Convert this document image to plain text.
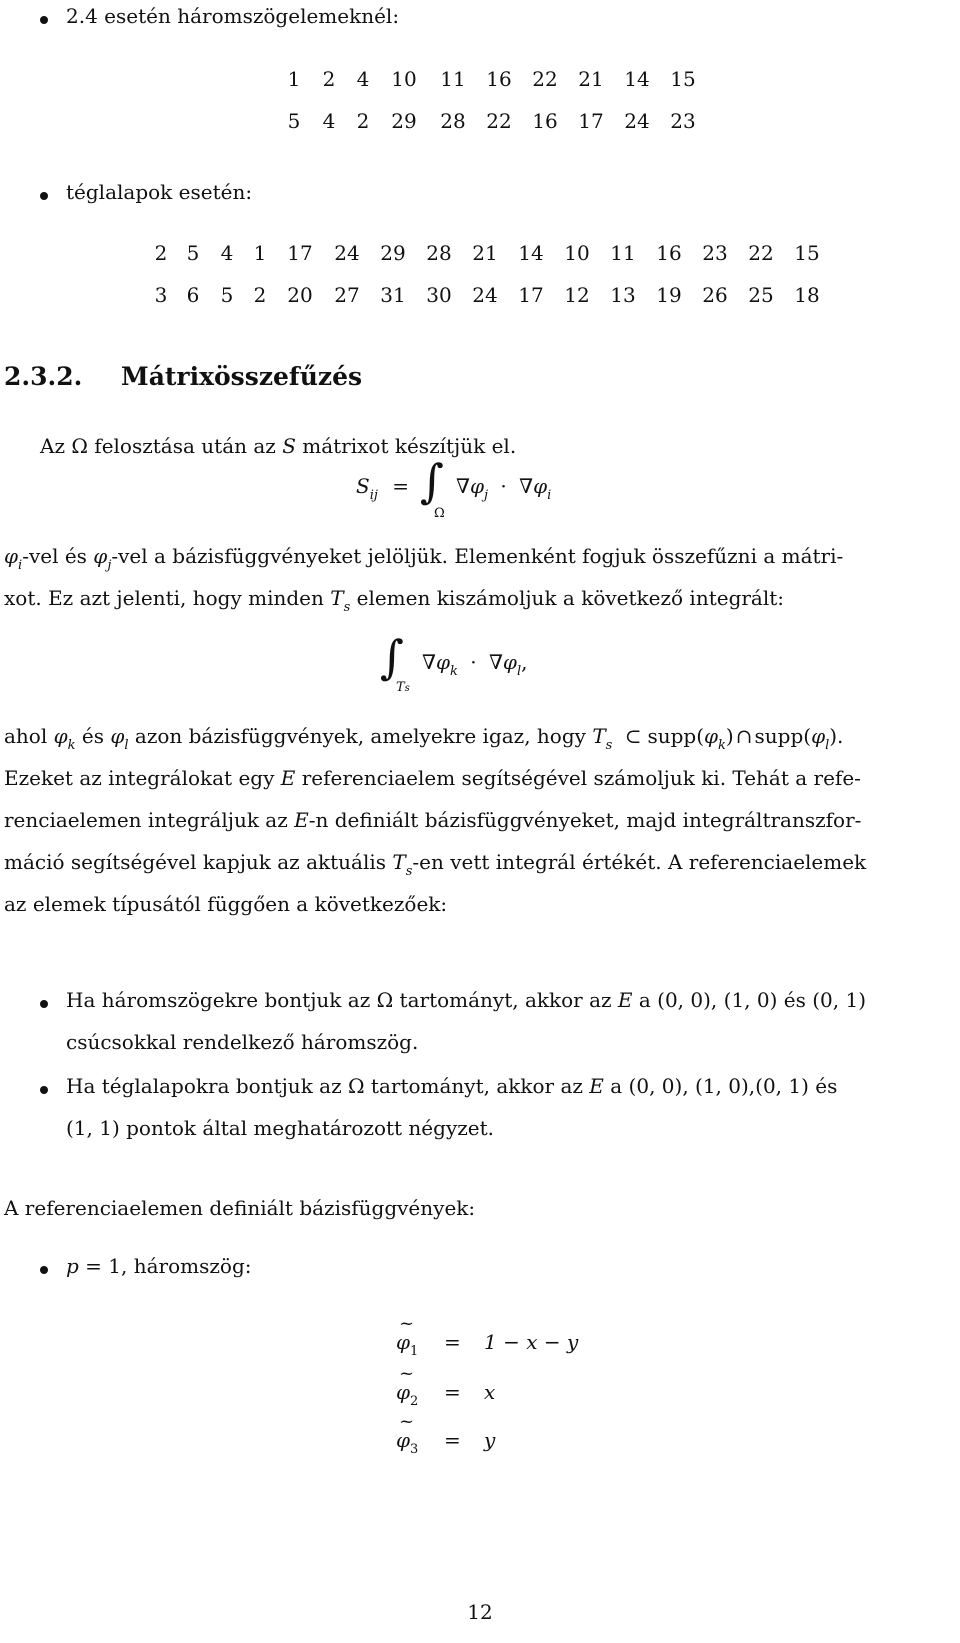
2.4 esetén háromszögelemeknél:
1	2	4	10	11	16	22	21	14	15
5	4	2	29	28	22	16	17	24	23
téglalapok esetén:
2	5	4	1	17	24	29	28	21	14	10	11	16	23	22	15
3	6	5	2	20	27	31	30	24	17	12	13	19	26	25	18
2.3.2. Mátrixösszefűzés
Az Ω felosztása után az S mátrixot készítjük el.
$S_{ij}$ = ∫
Ω
$\nabla\varphi_j \cdot \nabla\varphi_i$
$\varphi_i$-vel és $\varphi_j$-vel a bázisfüggvényeket jelöljük. Elemenként fogjuk összefűzni a mátri-
xot. Ez azt jelenti, hogy minden $T_s$ elemen kiszámoljuk a következő integrált:
∫
Ts
$\nabla\varphi_k \cdot \nabla\varphi_l$,
ahol $\varphi_k$ és $\varphi_l$ azon bázisfüggvények, amelyekre igaz, hogy $T_s$ ⊂ $supp(\varphi_k)$ ∩ $supp(\varphi_l)$.
Ezeket az integrálokat egy E referenciaelem segítségével számoljuk ki. Tehát a refe-
renciaelemen integráljuk az E-n definiált bázisfüggvényeket, majd integráltranszfor-
máció segítségével kapjuk az aktuális $T_s-en$ vett integrál értékét. A referenciaelemek
az elemek típusától függően a következőek:
Ha háromszögekre bontjuk az Ω tartományt, akkor az E a (0, 0), (1, 0) és (0, 1)
csúcsokkal rendelkező háromszög.
Ha téglalapokra bontjuk az Ω tartományt, akkor az E a (0, 0), (1, 0),(0, 1) és
(1, 1) pontok által meghatározott négyzet.
A referenciaelemen definiált bázisfüggvények:
p = 1, háromszög:
~ $\varphi_1 = 1 - x - y$
~ $\varphi_2 = x$
~ $\varphi_3 = y$
12
